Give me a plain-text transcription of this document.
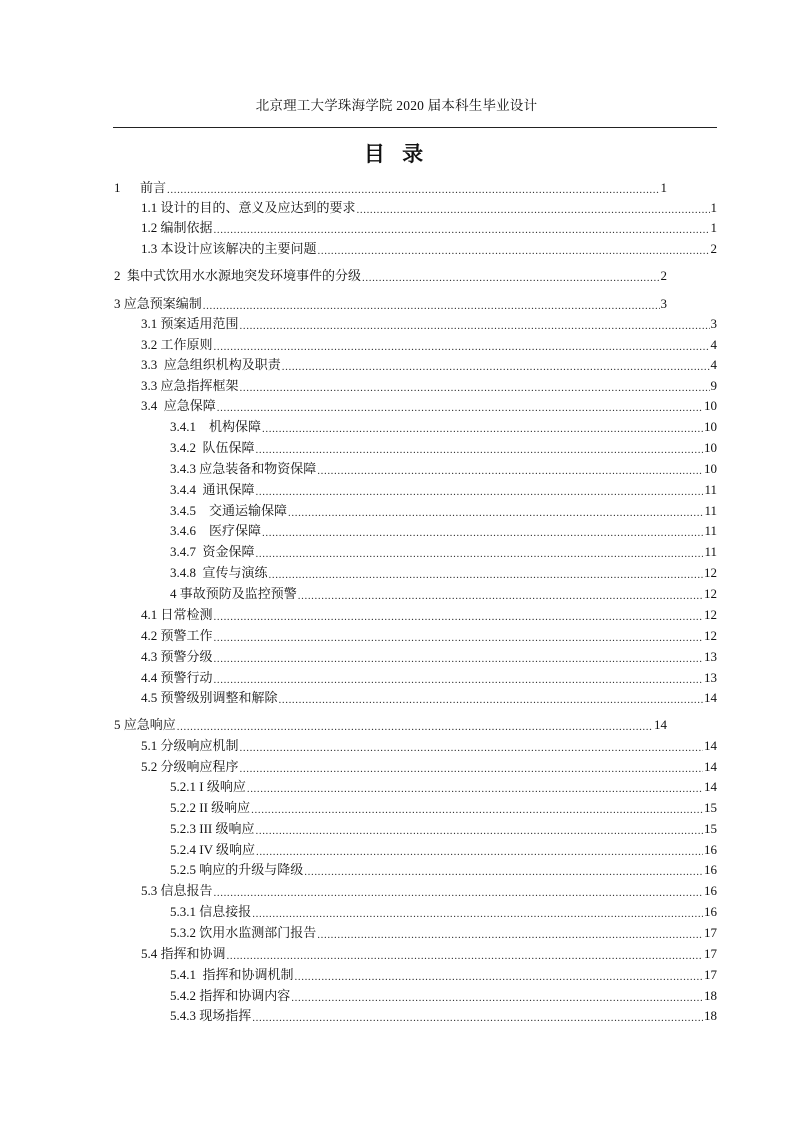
北京理工大学珠海学院 2020 届本科生毕业设计
目 录
1      前言 .....	1
1.1 设计的目的、意义及应达到的要求 .....	1
1.2 编制依据 .....	1
1.3 本设计应该解决的主要问题 .....	2
2  集中式饮用水水源地突发环境事件的分级 .....	2
3 应急预案编制 .....	3
3.1 预案适用范围 .....	3
3.2 工作原则 .....	4
3.3  应急组织机构及职责 .....	4
3.3 应急指挥框架 .....	9
3.4  应急保障 .....	10
3.4.1    机构保障 .....	10
3.4.2  队伍保障 .....	10
3.4.3 应急装备和物资保障 .....	10
3.4.4  通讯保障 .....	11
3.4.5    交通运输保障 .....	11
3.4.6    医疗保障 .....	11
3.4.7  资金保障 .....	11
3.4.8  宣传与演练 .....	12
4 事故预防及监控预警 .....	12
4.1 日常检测 .....	12
4.2 预警工作 .....	12
4.3 预警分级 .....	13
4.4 预警行动 .....	13
4.5 预警级别调整和解除 .....	14
5 应急响应 .....	14
5.1 分级响应机制 .....	14
5.2 分级响应程序 .....	14
5.2.1 I 级响应 .....	14
5.2.2 II 级响应 .....	15
5.2.3 III 级响应 .....	15
5.2.4 IV 级响应 .....	16
5.2.5 响应的升级与降级 .....	16
5.3 信息报告 .....	16
5.3.1 信息接报 .....	16
5.3.2 饮用水监测部门报告 .....	17
5.4 指挥和协调 .....	17
5.4.1  指挥和协调机制 .....	17
5.4.2 指挥和协调内容 .....	18
5.4.3 现场指挥 .....	18
